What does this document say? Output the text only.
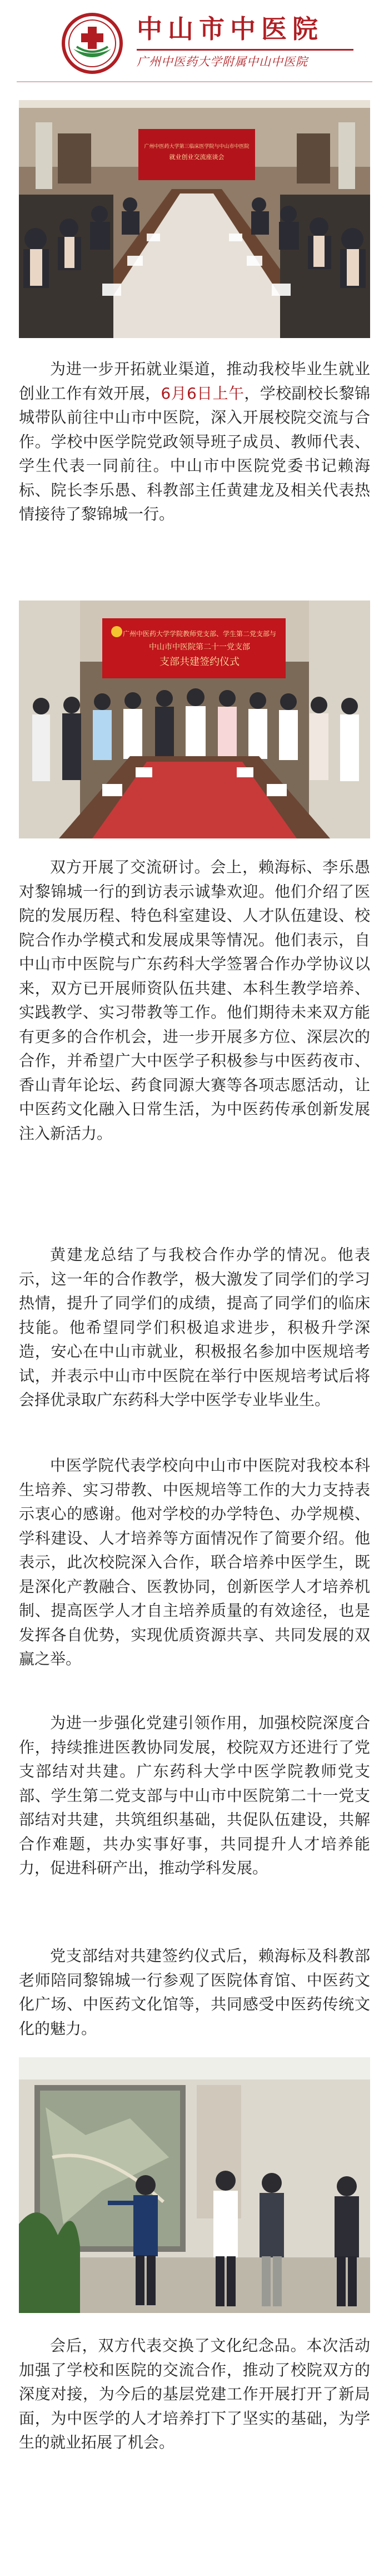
中山市中医院
广州中医药大学附属中山中医院
广州中医药大学第三临床医学院与中山市中医院
就业创业交流座谈会

为进一步开拓就业渠道，推动我校毕业生就业创业工作有效开展，6月6日上午，学校副校长黎锦城带队前往中山市中医院，深入开展校院交流与合作。学校中医学院党政领导班子成员、教师代表、学生代表一同前往。中山市中医院党委书记赖海标、院长李乐愚、科教部主任黄建龙及相关代表热情接待了黎锦城一行。

广州中医药大学学院教师党支部、学生第二党支部与
中山市中医院第二十一党支部
支部共建签约仪式

双方开展了交流研讨。会上，赖海标、李乐愚对黎锦城一行的到访表示诚挚欢迎。他们介绍了医院的发展历程、特色科室建设、人才队伍建设、校院合作办学模式和发展成果等情况。他们表示，自中山市中医院与广东药科大学签署合作办学协议以来，双方已开展师资队伍共建、本科生教学培养、实践教学、实习带教等工作。他们期待未来双方能有更多的合作机会，进一步开展多方位、深层次的合作，并希望广大中医学子积极参与中医药夜市、香山青年论坛、药食同源大赛等各项志愿活动，让中医药文化融入日常生活，为中医药传承创新发展注入新活力。

黄建龙总结了与我校合作办学的情况。他表示，这一年的合作教学，极大激发了同学们的学习热情，提升了同学们的成绩，提高了同学们的临床技能。他希望同学们积极追求进步，积极升学深造，安心在中山市就业，积极报名参加中医规培考试，并表示中山市中医院在举行中医规培考试后将会择优录取广东药科大学中医学专业毕业生。

中医学院代表学校向中山市中医院对我校本科生培养、实习带教、中医规培等工作的大力支持表示衷心的感谢。他对学校的办学特色、办学规模、学科建设、人才培养等方面情况作了简要介绍。他表示，此次校院深入合作，联合培养中医学生，既是深化产教融合、医教协同，创新医学人才培养机制、提高医学人才自主培养质量的有效途径，也是发挥各自优势，实现优质资源共享、共同发展的双赢之举。

为进一步强化党建引领作用，加强校院深度合作，持续推进医教协同发展，校院双方还进行了党支部结对共建。广东药科大学中医学院教师党支部、学生第二党支部与中山市中医院第二十一党支部结对共建，共筑组织基础，共促队伍建设，共解合作难题，共办实事好事，共同提升人才培养能力，促进科研产出，推动学科发展。

党支部结对共建签约仪式后，赖海标及科教部老师陪同黎锦城一行参观了医院体育馆、中医药文化广场、中医药文化馆等，共同感受中医药传统文化的魅力。

会后，双方代表交换了文化纪念品。本次活动加强了学校和医院的交流合作，推动了校院双方的深度对接，为今后的基层党建工作开展打开了新局面，为中医学的人才培养打下了坚实的基础，为学生的就业拓展了机会。
